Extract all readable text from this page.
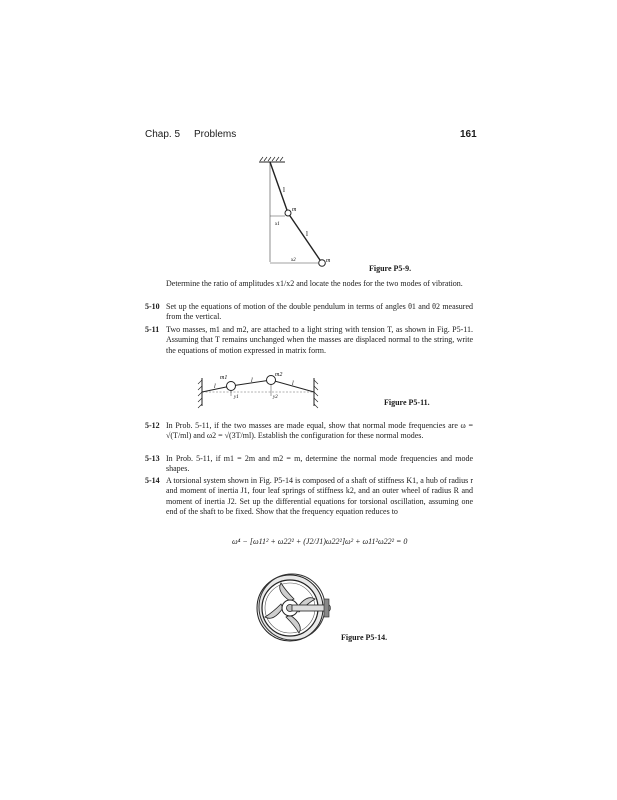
Chap. 5 Problems	161
l
l
m
m
x1
x2
Figure P5-9.
Determine the ratio of amplitudes x1/x2 and locate the nodes for the two modes of vibration.
5-10 Set up the equations of motion of the double pendulum in terms of angles θ1 and θ2 measured from the vertical.
5-11 Two masses, m1 and m2, are attached to a light string with tension T, as shown in Fig. P5-11. Assuming that T remains unchanged when the masses are displaced normal to the string, write the equations of motion expressed in matrix form.
m1	m2
l
l	l
y1	y2
Figure P5-11.
5-12 In Prob. 5-11, if the two masses are made equal, show that normal mode frequencies are ω = √(T/ml) and ω2 = √(3T/ml). Establish the configuration for these normal modes.
5-13 In Prob. 5-11, if m1 = 2m and m2 = m, determine the normal mode frequencies and mode shapes.
5-14 A torsional system shown in Fig. P5-14 is composed of a shaft of stiffness K1, a hub of radius r and moment of inertia J1, four leaf springs of stiffness k2, and an outer wheel of radius R and moment of inertia J2. Set up the differential equations for torsional oscillation, assuming one end of the shaft to be fixed. Show that the frequency equation reduces to
ω⁴ − [ω11² + ω22² + (J2/J1)ω22²]ω² + ω11²ω22² = 0
Figure P5-14.
